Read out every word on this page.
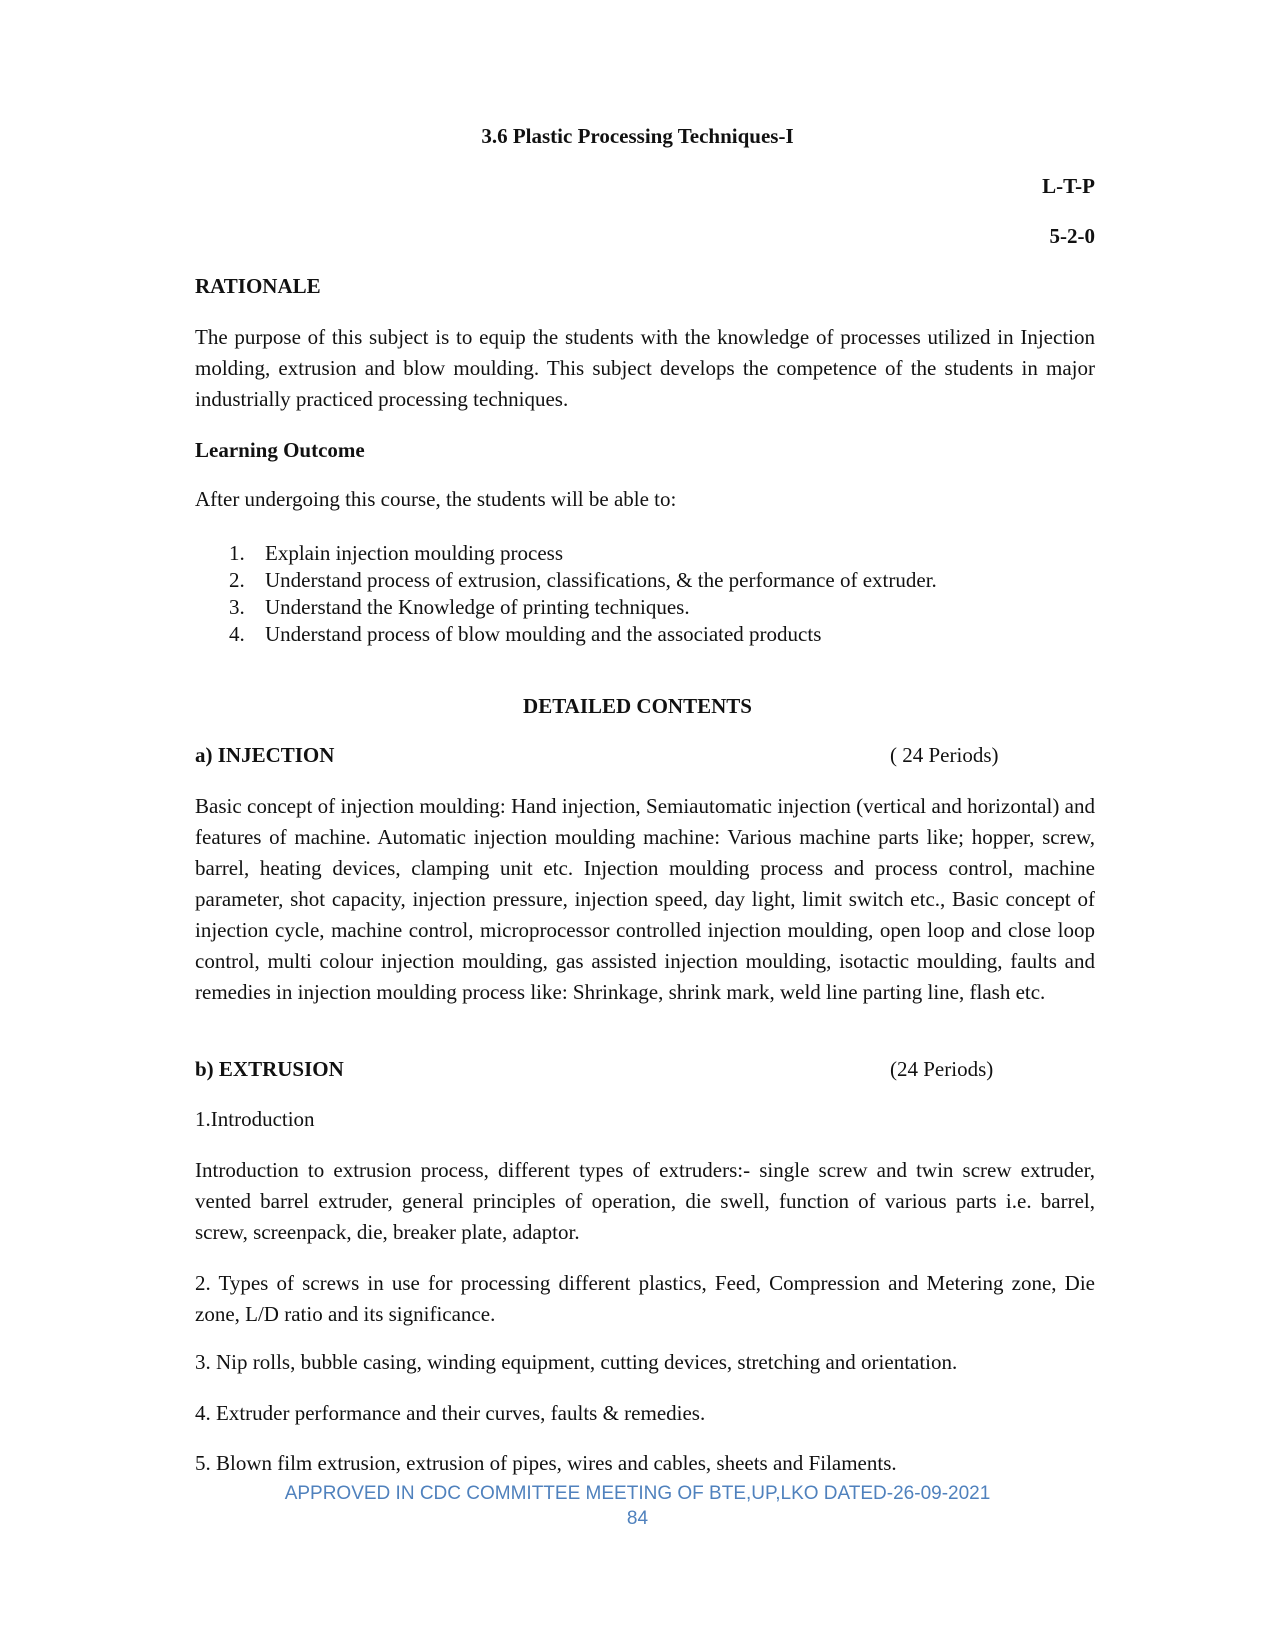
3.6 Plastic Processing Techniques-I
L-T-P
5-2-0
RATIONALE
The purpose of this subject is to equip the students with the knowledge of processes utilized in Injection molding, extrusion and blow moulding. This subject develops the competence of the students in major industrially practiced processing techniques.
Learning Outcome
After undergoing this course, the students will be able to:
1. Explain injection moulding process
2. Understand process of extrusion, classifications, & the performance of extruder.
3. Understand the Knowledge of printing techniques.
4. Understand process of blow moulding and the associated products
DETAILED CONTENTS
a) INJECTION	( 24 Periods)
Basic concept of injection moulding: Hand injection, Semiautomatic injection (vertical and horizontal) and features of machine. Automatic injection moulding machine: Various machine parts like; hopper, screw, barrel, heating devices, clamping unit etc. Injection moulding process and process control, machine parameter, shot capacity, injection pressure, injection speed, day light, limit switch etc., Basic concept of injection cycle, machine control, microprocessor controlled injection moulding, open loop and close loop control, multi colour injection moulding, gas assisted injection moulding, isotactic moulding, faults and remedies in injection moulding process like: Shrinkage, shrink mark, weld line parting line, flash etc.
b) EXTRUSION	(24 Periods)
1.Introduction
Introduction to extrusion process, different types of extruders:- single screw and twin screw extruder, vented barrel extruder, general principles of operation, die swell, function of various parts i.e. barrel, screw, screenpack, die, breaker plate, adaptor.
2. Types of screws in use for processing different plastics, Feed, Compression and Metering zone, Die zone, L/D ratio and its significance.
3. Nip rolls, bubble casing, winding equipment, cutting devices, stretching and orientation.
4. Extruder performance and their curves, faults & remedies.
5. Blown film extrusion, extrusion of pipes, wires and cables, sheets and Filaments.
APPROVED IN CDC COMMITTEE MEETING OF BTE,UP,LKO DATED-26-09-2021
84
